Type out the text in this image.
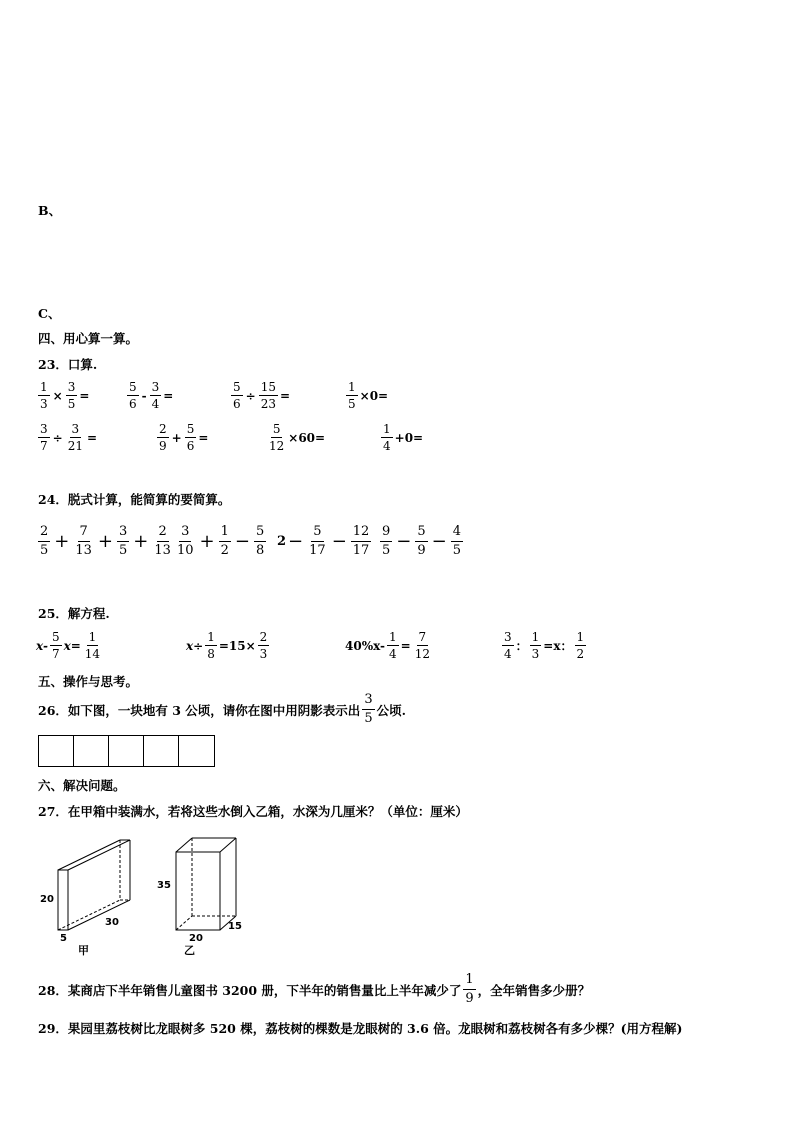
B、
C、
四、用心算一算。
23．口算.
$\frac{1}{3} \times \frac{3}{5}$ =	$\frac{5}{6} - \frac{3}{4}$ =	$\frac{5}{6} \div \frac{15}{23}$ =	$\frac{1}{5} \times 0=$
$\frac{3}{7} \div \frac{3}{21}$ =	$\frac{2}{9} + \frac{5}{6}$ =	$\frac{5}{12} \times 60=$	$\frac{1}{4} +0=$
24．脱式计算，能简算的要简算。
$\frac{2}{5} + \frac{7}{13} + \frac{3}{5} + \frac{2}{13} \frac{3}{10} + \frac{1}{2} - \frac{5}{8} 2 - \frac{5}{17} - \frac{12}{17} \frac{9}{5} - \frac{5}{9} - \frac{4}{5}$
25．解方程.
$x- \frac{5}{7} x= \frac{1}{14}$	$x\div \frac{1}{8} =15\times \frac{2}{3}$	$40\%x- \frac{1}{4} = \frac{7}{12}$	$\frac{3}{4}$ ： $\frac{1}{3} =x$： $\frac{1}{2}$
五、操作与思考。
26．如下图，一块地有 3 公顷，请你在图中用阴影表示出 $\frac{3}{5}$ 公顷.
六、解决问题。
27．在甲箱中装满水，若将这些水倒入乙箱，水深为几厘米？（单位：厘米）
20
5
30
甲
35
20
15
乙
28．某商店下半年销售儿童图书 3200 册，下半年的销售量比上半年减少了 $\frac{1}{9}$ ，全年销售多少册？
29．果园里荔枝树比龙眼树多 520 棵，荔枝树的棵数是龙眼树的 3.6 倍。龙眼树和荔枝树各有多少棵？(用方程解)
